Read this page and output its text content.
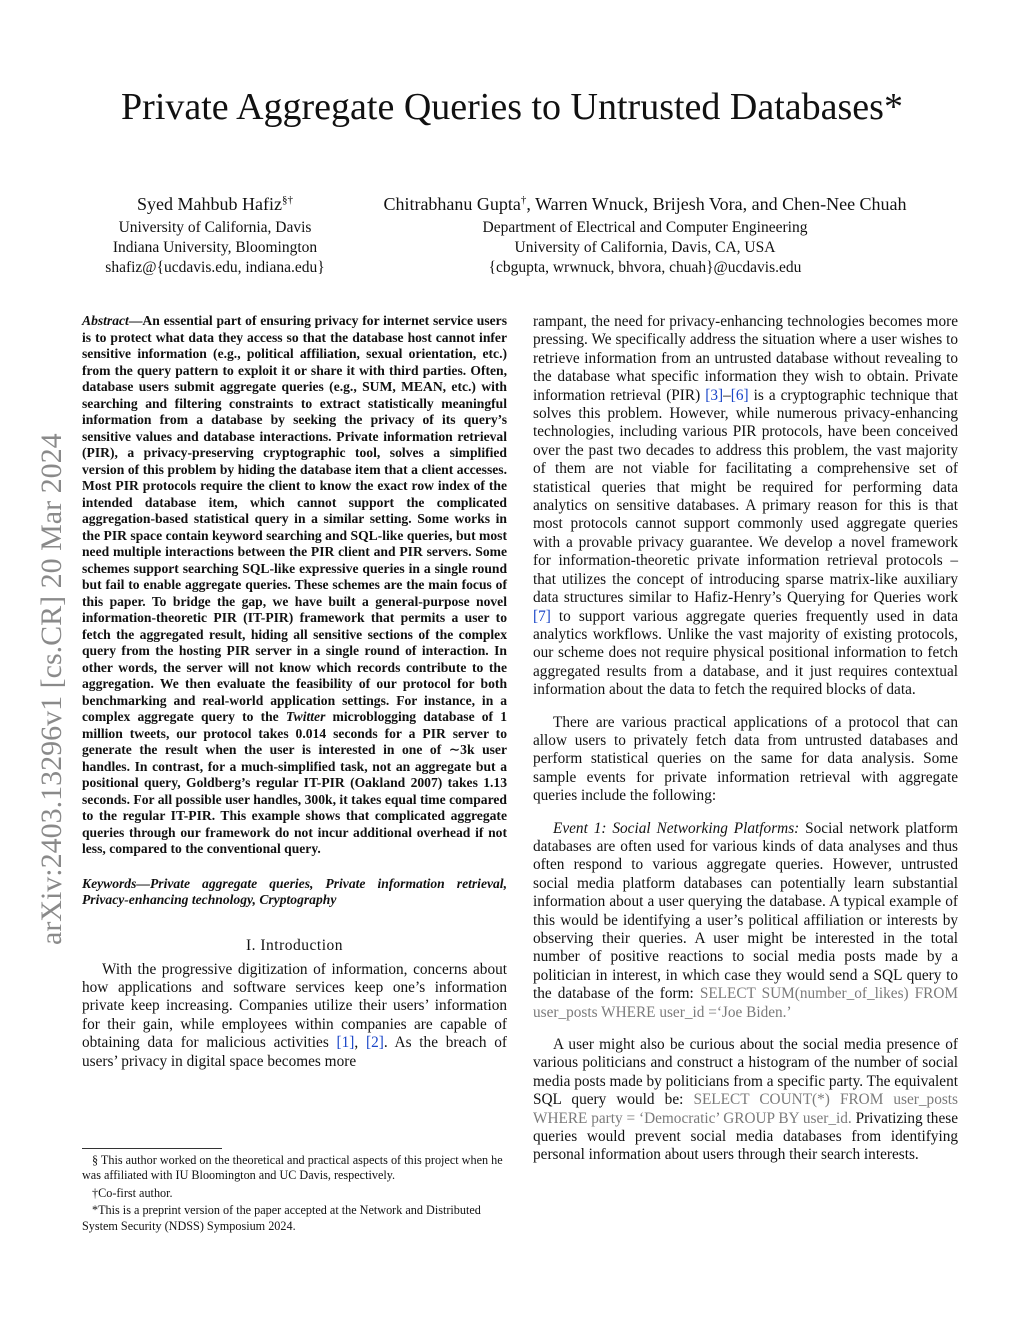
arXiv:2403.13296v1 [cs.CR] 20 Mar 2024
Private Aggregate Queries to Untrusted Databases*
Syed Mahbub Hafiz§†
University of California, Davis
Indiana University, Bloomington
shafiz@{ucdavis.edu, indiana.edu}
Chitrabhanu Gupta†, Warren Wnuck, Brijesh Vora, and Chen-Nee Chuah
Department of Electrical and Computer Engineering
University of California, Davis, CA, USA
{cbgupta, wrwnuck, bhvora, chuah}@ucdavis.edu

Abstract—An essential part of ensuring privacy for internet service users is to protect what data they access so that the database host cannot infer sensitive information (e.g., political affiliation, sexual orientation, etc.) from the query pattern to exploit it or share it with third parties. Often, database users submit aggregate queries (e.g., SUM, MEAN, etc.) with searching and filtering constraints to extract statistically meaningful information from a database by seeking the privacy of its query’s sensitive values and database interactions. Private information retrieval (PIR), a privacy-preserving cryptographic tool, solves a simplified version of this problem by hiding the database item that a client accesses. Most PIR protocols require the client to know the exact row index of the intended database item, which cannot support the complicated aggregation-based statistical query in a similar setting. Some works in the PIR space contain keyword searching and SQL-like queries, but most need multiple interactions between the PIR client and PIR servers. Some schemes support searching SQL-like expressive queries in a single round but fail to enable aggregate queries. These schemes are the main focus of this paper. To bridge the gap, we have built a general-purpose novel information-theoretic PIR (IT-PIR) framework that permits a user to fetch the aggregated result, hiding all sensitive sections of the complex query from the hosting PIR server in a single round of interaction. In other words, the server will not know which records contribute to the aggregation. We then evaluate the feasibility of our protocol for both benchmarking and real-world application settings. For instance, in a complex aggregate query to the Twitter microblogging database of 1 million tweets, our protocol takes 0.014 seconds for a PIR server to generate the result when the user is interested in one of ∼3k user handles. In contrast, for a much-simplified task, not an aggregate but a positional query, Goldberg’s regular IT-PIR (Oakland 2007) takes 1.13 seconds. For all possible user handles, 300k, it takes equal time compared to the regular IT-PIR. This example shows that complicated aggregate queries through our framework do not incur additional overhead if not less, compared to the conventional query.

Keywords—Private aggregate queries, Private information retrieval, Privacy-enhancing technology, Cryptography

I. Introduction

With the progressive digitization of information, concerns about how applications and software services keep one’s information private keep increasing. Companies utilize their users’ information for their gain, while employees within companies are capable of obtaining data for malicious activities [1], [2]. As the breach of users’ privacy in digital space becomes more

rampant, the need for privacy-enhancing technologies becomes more pressing. We specifically address the situation where a user wishes to retrieve information from an untrusted database without revealing to the database what specific information they wish to obtain. Private information retrieval (PIR) [3]–[6] is a cryptographic technique that solves this problem. However, while numerous privacy-enhancing technologies, including various PIR protocols, have been conceived over the past two decades to address this problem, the vast majority of them are not viable for facilitating a comprehensive set of statistical queries that might be required for performing data analytics on sensitive databases. A primary reason for this is that most protocols cannot support commonly used aggregate queries with a provable privacy guarantee. We develop a novel framework for information-theoretic private information retrieval protocols – that utilizes the concept of introducing sparse matrix-like auxiliary data structures similar to Hafiz-Henry’s Querying for Queries work [7] to support various aggregate queries frequently used in data analytics workflows. Unlike the vast majority of existing protocols, our scheme does not require physical positional information to fetch aggregated results from a database, and it just requires contextual information about the data to fetch the required blocks of data.

There are various practical applications of a protocol that can allow users to privately fetch data from untrusted databases and perform statistical queries on the same for data analysis. Some sample events for private information retrieval with aggregate queries include the following:

Event 1: Social Networking Platforms: Social network platform databases are often used for various kinds of data analyses and thus often respond to various aggregate queries. However, untrusted social media platform databases can potentially learn substantial information about a user querying the database. A typical example of this would be identifying a user’s political affiliation or interests by observing their queries. A user might be interested in the total number of positive reactions to social media posts made by a politician in interest, in which case they would send a SQL query to the database of the form: SELECT SUM(number_of_likes) FROM user_posts WHERE user_id =‘Joe Biden.’

A user might also be curious about the social media presence of various politicians and construct a histogram of the number of social media posts made by politicians from a specific party. The equivalent SQL query would be: SELECT COUNT(*) FROM user_posts WHERE party = ‘Democratic’ GROUP BY user_id. Privatizing these queries would prevent social media databases from identifying personal information about users through their search interests.

§ This author worked on the theoretical and practical aspects of this project when he was affiliated with IU Bloomington and UC Davis, respectively.

†Co-first author.

*This is a preprint version of the paper accepted at the Network and Distributed System Security (NDSS) Symposium 2024.
